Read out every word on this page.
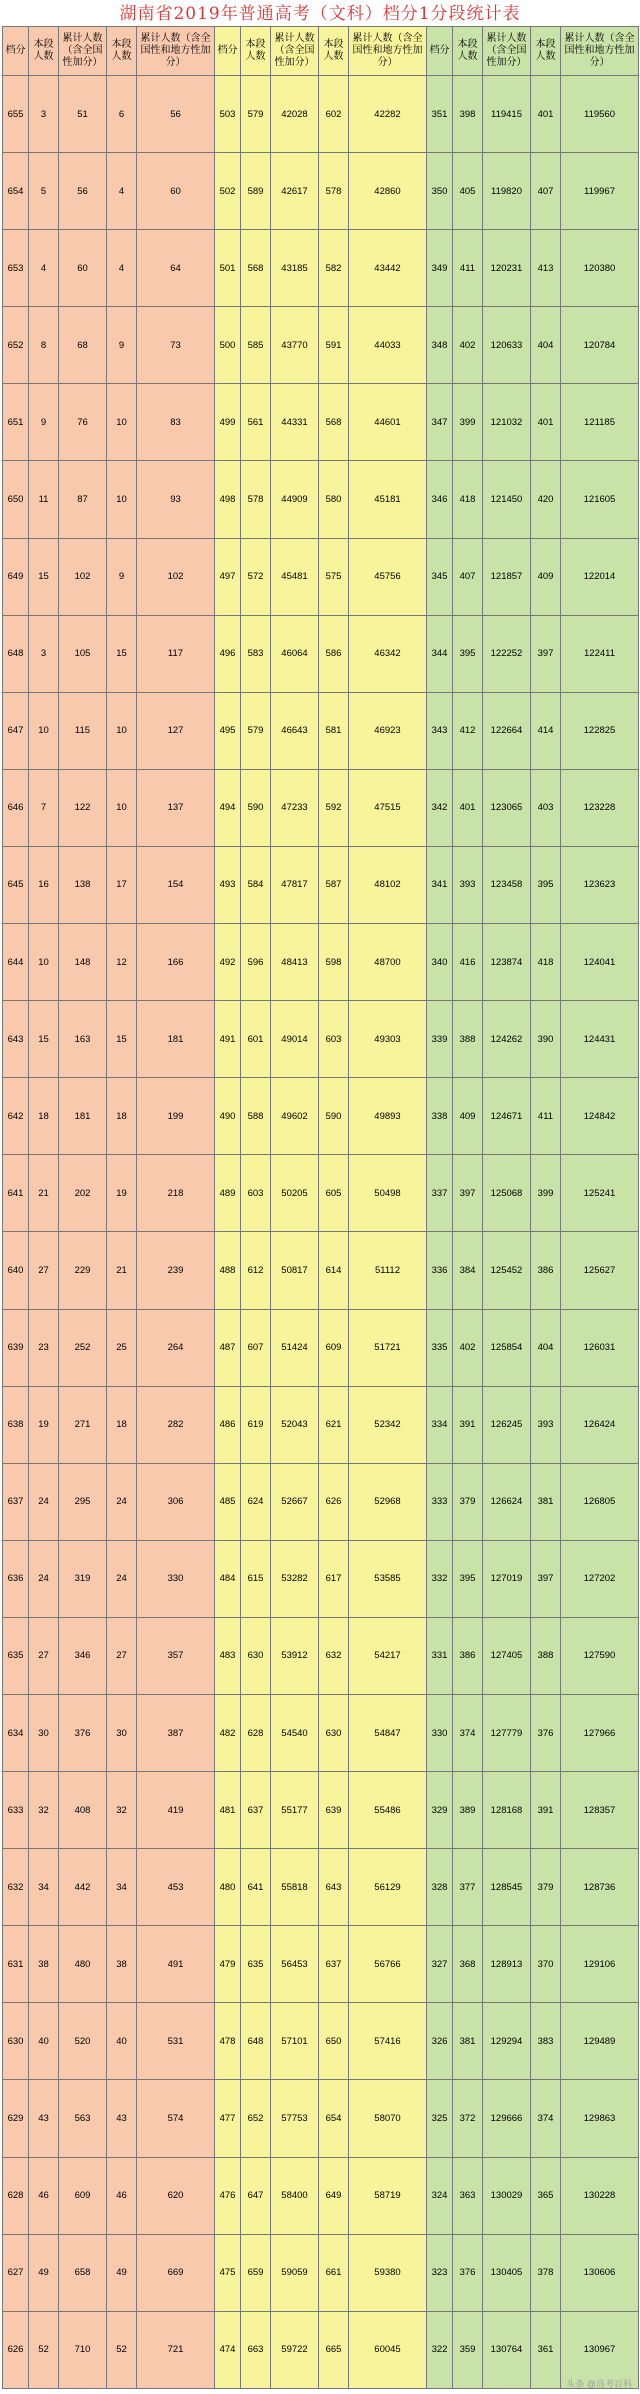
湖南省2019年普通高考（文科）档分1分段统计表
档分	本段人数	累计人数（含全国性加分）	本段人数	累计人数（含全国性和地方性加分）	档分	本段人数	累计人数（含全国性加分）	本段人数	累计人数（含全国性和地方性加分）	档分	本段人数	累计人数（含全国性加分）	本段人数	累计人数（含全国性和地方性加分）
655	3	51	6	56	503	579	42028	602	42282	351	398	119415	401	119560
654	5	56	4	60	502	589	42617	578	42860	350	405	119820	407	119967
653	4	60	4	64	501	568	43185	582	43442	349	411	120231	413	120380
652	8	68	9	73	500	585	43770	591	44033	348	402	120633	404	120784
651	9	76	10	83	499	561	44331	568	44601	347	399	121032	401	121185
650	11	87	10	93	498	578	44909	580	45181	346	418	121450	420	121605
649	15	102	9	102	497	572	45481	575	45756	345	407	121857	409	122014
648	3	105	15	117	496	583	46064	586	46342	344	395	122252	397	122411
647	10	115	10	127	495	579	46643	581	46923	343	412	122664	414	122825
646	7	122	10	137	494	590	47233	592	47515	342	401	123065	403	123228
645	16	138	17	154	493	584	47817	587	48102	341	393	123458	395	123623
644	10	148	12	166	492	596	48413	598	48700	340	416	123874	418	124041
643	15	163	15	181	491	601	49014	603	49303	339	388	124262	390	124431
642	18	181	18	199	490	588	49602	590	49893	338	409	124671	411	124842
641	21	202	19	218	489	603	50205	605	50498	337	397	125068	399	125241
640	27	229	21	239	488	612	50817	614	51112	336	384	125452	386	125627
639	23	252	25	264	487	607	51424	609	51721	335	402	125854	404	126031
638	19	271	18	282	486	619	52043	621	52342	334	391	126245	393	126424
637	24	295	24	306	485	624	52667	626	52968	333	379	126624	381	126805
636	24	319	24	330	484	615	53282	617	53585	332	395	127019	397	127202
635	27	346	27	357	483	630	53912	632	54217	331	386	127405	388	127590
634	30	376	30	387	482	628	54540	630	54847	330	374	127779	376	127966
633	32	408	32	419	481	637	55177	639	55486	329	389	128168	391	128357
632	34	442	34	453	480	641	55818	643	56129	328	377	128545	379	128736
631	38	480	38	491	479	635	56453	637	56766	327	368	128913	370	129106
630	40	520	40	531	478	648	57101	650	57416	326	381	129294	383	129489
629	43	563	43	574	477	652	57753	654	58070	325	372	129666	374	129863
628	46	609	46	620	476	647	58400	649	58719	324	363	130029	365	130228
627	49	658	49	669	475	659	59059	661	59380	323	376	130405	378	130606
626	52	710	52	721	474	663	59722	665	60045	322	359	130764	361	130967
头条 @高考百科
